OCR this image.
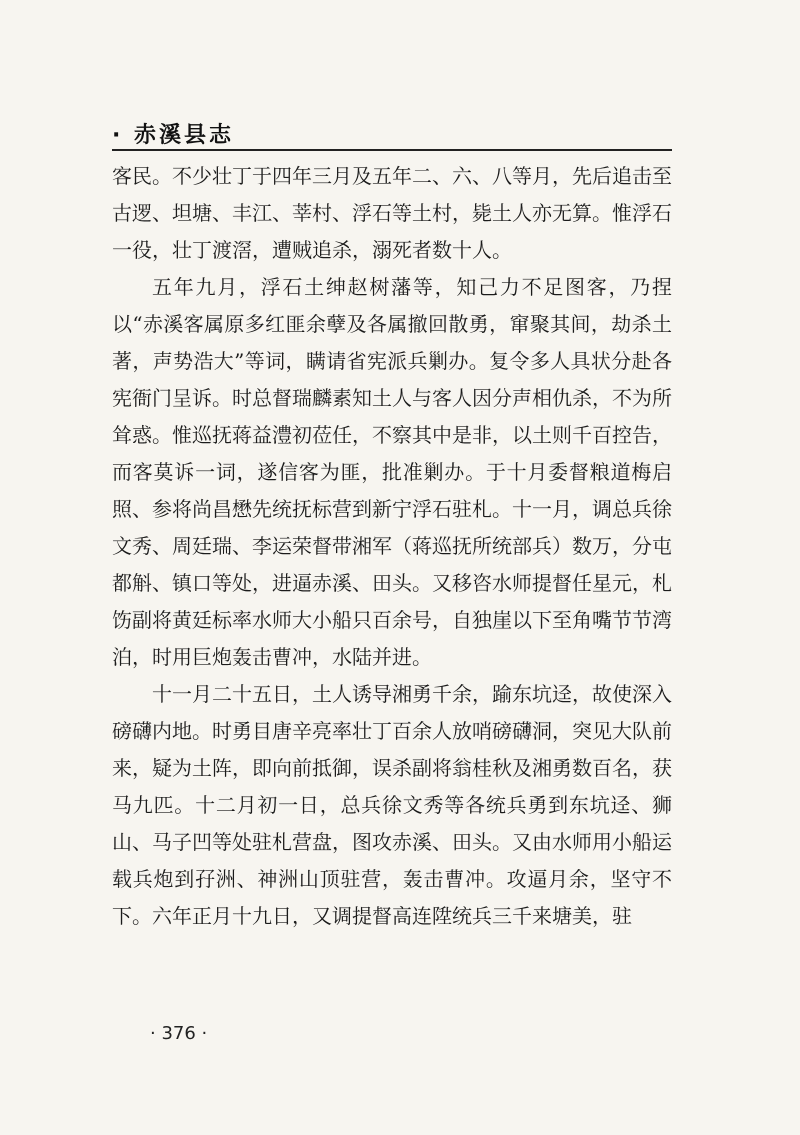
· 赤溪县志

客民。不少壮丁于四年三月及五年二、六、八等月，先后追击至古逻、坦塘、丰江、莘村、浮石等土村，毙土人亦无算。惟浮石一役，壮丁渡滘，遭贼追杀，溺死者数十人。

五年九月，浮石土绅赵树藩等，知己力不足图客，乃捏以“赤溪客属原多红匪余孽及各属撤回散勇，窜聚其间，劫杀土著，声势浩大”等词，瞒请省宪派兵剿办。复令多人具状分赴各宪衙门呈诉。时总督瑞麟素知土人与客人因分声相仇杀，不为所耸惑。惟巡抚蒋益澧初莅任，不察其中是非，以土则千百控告，而客莫诉一词，遂信客为匪，批准剿办。于十月委督粮道梅启照、参将尚昌懋先统抚标营到新宁浮石驻札。十一月，调总兵徐文秀、周廷瑞、李运荣督带湘军（蒋巡抚所统部兵）数万，分屯都斛、镇口等处，进逼赤溪、田头。又移咨水师提督任星元，札饬副将黄廷标率水师大小船只百余号，自独崖以下至角嘴节节湾泊，时用巨炮轰击曹冲，水陆并进。

十一月二十五日，土人诱导湘勇千余，踰东坑迳，故使深入磅礴内地。时勇目唐辛亮率壮丁百余人放哨磅礴洞，突见大队前来，疑为土阵，即向前抵御，误杀副将翁桂秋及湘勇数百名，获马九匹。十二月初一日，总兵徐文秀等各统兵勇到东坑迳、狮山、马子凹等处驻札营盘，图攻赤溪、田头。又由水师用小船运载兵炮到孖洲、神洲山顶驻营，轰击曹冲。攻逼月余，坚守不下。六年正月十九日，又调提督高连陞统兵三千来塘美，驻

· 376 ·
